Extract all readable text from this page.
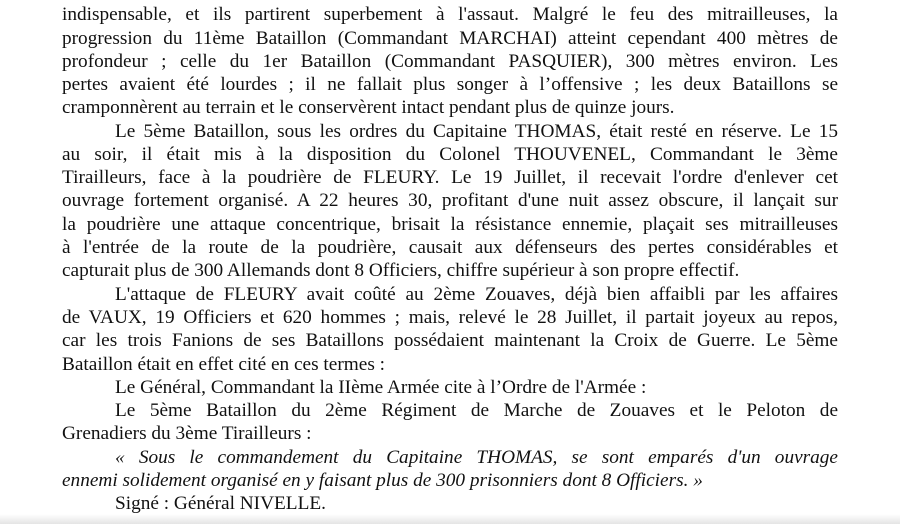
indispensable, et ils partirent superbement à l'assaut. Malgré le feu des mitrailleuses, la
progression du 11ème Bataillon (Commandant MARCHAI) atteint cependant 400 mètres de
profondeur ; celle du 1er Bataillon (Commandant PASQUIER), 300 mètres environ. Les
pertes avaient été lourdes ; il ne fallait plus songer à l’offensive ; les deux Bataillons se
cramponnèrent au terrain et le conservèrent intact pendant plus de quinze jours.
Le 5ème Bataillon, sous les ordres du Capitaine THOMAS, était resté en réserve. Le 15
au soir, il était mis à la disposition du Colonel THOUVENEL, Commandant le 3ème
Tirailleurs, face à la poudrière de FLEURY. Le 19 Juillet, il recevait l'ordre d'enlever cet
ouvrage fortement organisé. A 22 heures 30, profitant d'une nuit assez obscure, il lançait sur
la poudrière une attaque concentrique, brisait la résistance ennemie, plaçait ses mitrailleuses
à l'entrée de la route de la poudrière, causait aux défenseurs des pertes considérables et
capturait plus de 300 Allemands dont 8 Officiers, chiffre supérieur à son propre effectif.
L'attaque de FLEURY avait coûté au 2ème Zouaves, déjà bien affaibli par les affaires
de VAUX, 19 Officiers et 620 hommes ; mais, relevé le 28 Juillet, il partait joyeux au repos,
car les trois Fanions de ses Bataillons possédaient maintenant la Croix de Guerre. Le 5ème
Bataillon était en effet cité en ces termes :
Le Général, Commandant la IIème Armée cite à l’Ordre de l'Armée :
Le 5ème Bataillon du 2ème Régiment de Marche de Zouaves et le Peloton de
Grenadiers du 3ème Tirailleurs :
« Sous le commandement du Capitaine THOMAS, se sont emparés d'un ouvrage
ennemi solidement organisé en y faisant plus de 300 prisonniers dont 8 Officiers. »
Signé : Général NIVELLE.
